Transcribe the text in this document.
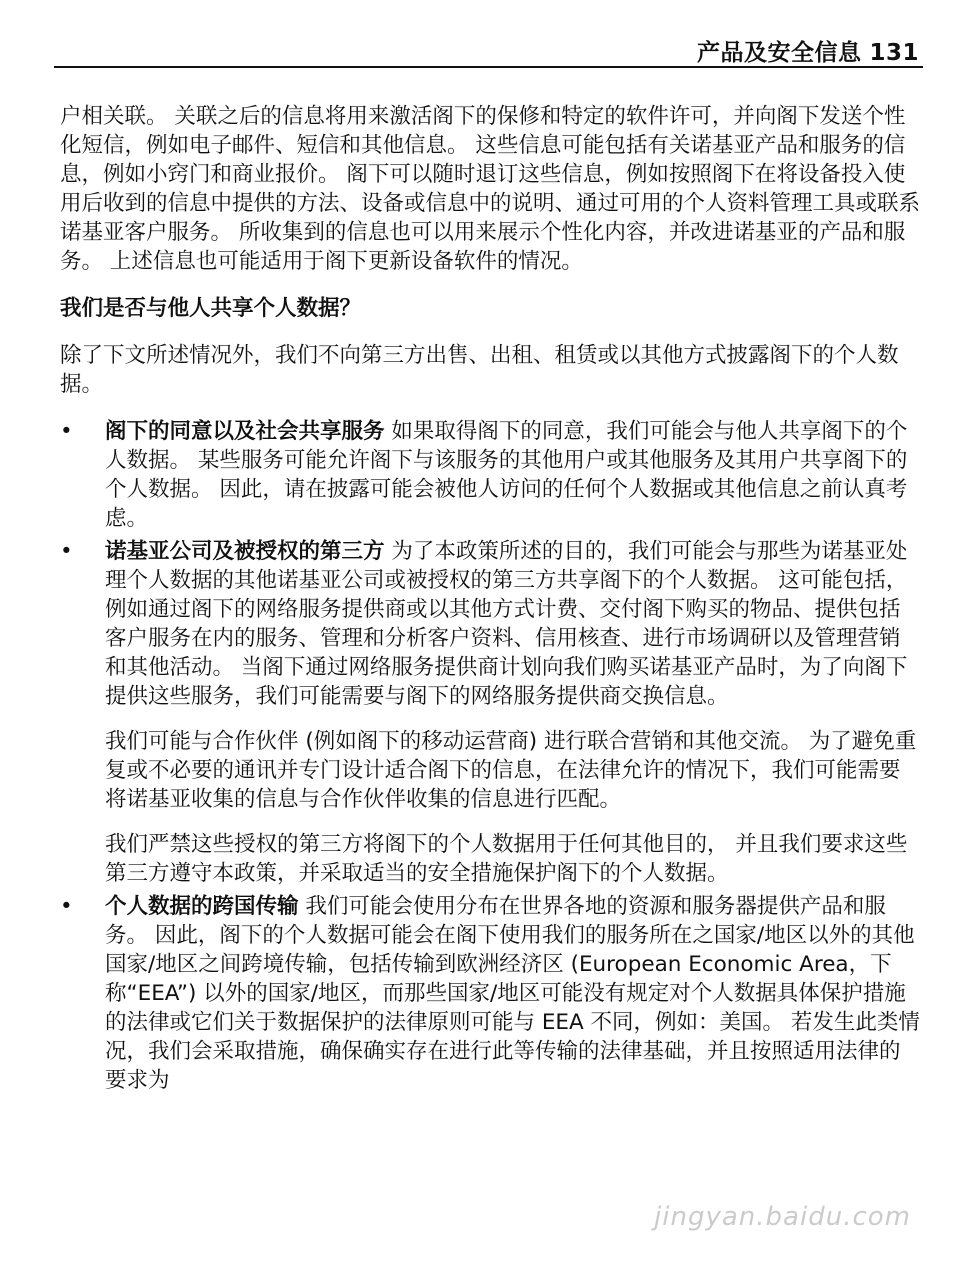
产品及安全信息 131

户相关联。 关联之后的信息将用来激活阁下的保修和特定的软件许可，并向阁下发送个性化短信，例如电子邮件、短信和其他信息。 这些信息可能包括有关诺基亚产品和服务的信息，例如小窍门和商业报价。 阁下可以随时退订这些信息，例如按照阁下在将设备投入使用后收到的信息中提供的方法、设备或信息中的说明、通过可用的个人资料管理工具或联系诺基亚客户服务。 所收集到的信息也可以用来展示个性化内容，并改进诺基亚的产品和服务。 上述信息也可能适用于阁下更新设备软件的情况。

我们是否与他人共享个人数据？

除了下文所述情况外，我们不向第三方出售、出租、租赁或以其他方式披露阁下的个人数据。

• 阁下的同意以及社会共享服务 如果取得阁下的同意，我们可能会与他人共享阁下的个人数据。 某些服务可能允许阁下与该服务的其他用户或其他服务及其用户共享阁下的个人数据。 因此，请在披露可能会被他人访问的任何个人数据或其他信息之前认真考虑。
• 诺基亚公司及被授权的第三方 为了本政策所述的目的，我们可能会与那些为诺基亚处理个人数据的其他诺基亚公司或被授权的第三方共享阁下的个人数据。 这可能包括，例如通过阁下的网络服务提供商或以其他方式计费、交付阁下购买的物品、提供包括客户服务在内的服务、管理和分析客户资料、信用核查、进行市场调研以及管理营销和其他活动。 当阁下通过网络服务提供商计划向我们购买诺基亚产品时，为了向阁下提供这些服务，我们可能需要与阁下的网络服务提供商交换信息。

我们可能与合作伙伴 (例如阁下的移动运营商) 进行联合营销和其他交流。 为了避免重复或不必要的通讯并专门设计适合阁下的信息，在法律允许的情况下，我们可能需要将诺基亚收集的信息与合作伙伴收集的信息进行匹配。

我们严禁这些授权的第三方将阁下的个人数据用于任何其他目的， 并且我们要求这些第三方遵守本政策，并采取适当的安全措施保护阁下的个人数据。

• 个人数据的跨国传输 我们可能会使用分布在世界各地的资源和服务器提供产品和服务。 因此，阁下的个人数据可能会在阁下使用我们的服务所在之国家/地区以外的其他国家/地区之间跨境传输，包括传输到欧洲经济区 (European Economic Area，下称“EEA”) 以外的国家/地区，而那些国家/地区可能没有规定对个人数据具体保护措施的法律或它们关于数据保护的法律原则可能与 EEA 不同，例如：美国。 若发生此类情况，我们会采取措施，确保确实存在进行此等传输的法律基础，并且按照适用法律的要求为
jingyan.baidu.com
